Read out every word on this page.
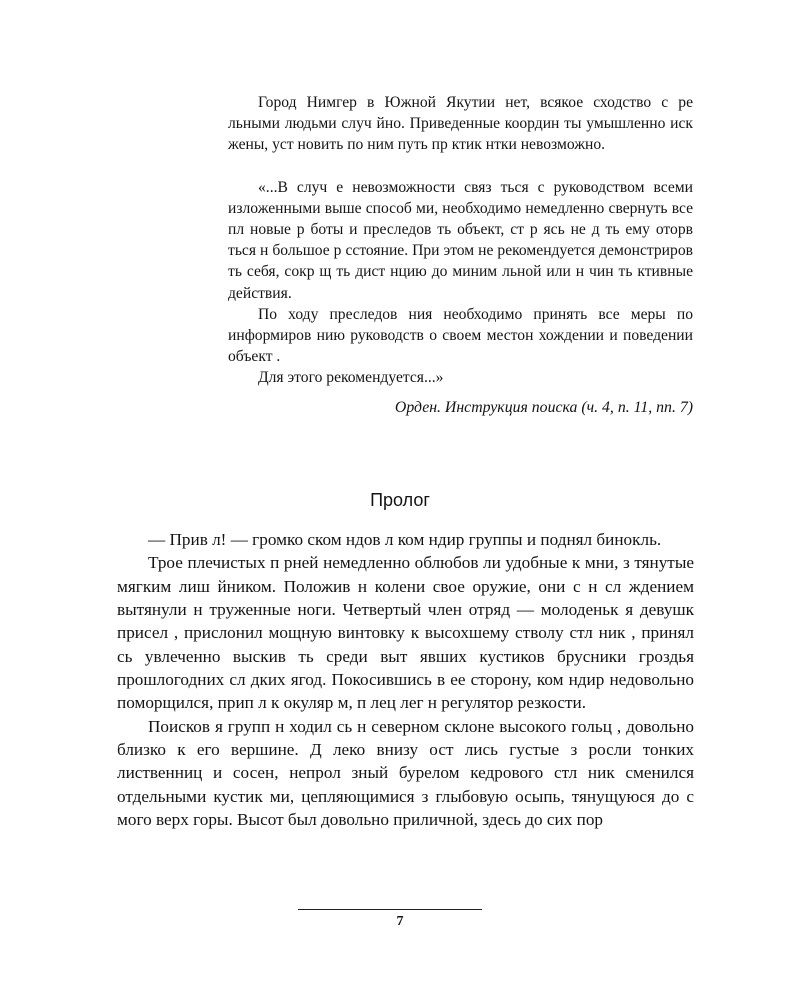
Город Нимгер в Южной Якутии нет, всякое сходство с ре льными людьми случ йно. Приведенные координ ты умышленно иск жены, уст новить по ним путь пр ктик нтки невозможно.

«...В случ е невозможности связ ться с руководством всеми изложенными выше способ ми, необходимо немедленно свернуть все пл новые р боты и преследов ть объект, ст р ясь не д ть ему оторв ться н большое р сстояние. При этом не рекомендуется демонстриров ть себя, сокр щ ть дист нцию до миним льной или н чин ть ктивные действия.

По ходу преследов ния необходимо принять все меры по информиров нию руководств о своем местон хождении и поведении объект .

Для этого рекомендуется...»

Орден. Инструкция поиска (ч. 4, п. 11, пп. 7)

Пролог

— Прив л! — громко ском ндов л ком ндир группы и поднял бинокль.

Трое плечистых п рней немедленно облюбов ли удобные к мни, з тянутые мягким лиш йником. Положив н колени свое оружие, они с н сл ждением вытянули н труженные ноги. Четвертый член отряд — молоденьк я девушк присел , прислонил мощную винтовку к высохшему стволу стл ник , принял сь увлеченно выскив ть среди выт явших кустиков брусники гроздья прошлогодних сл дких ягод. Покосившись в ее сторону, ком ндир недовольно поморщился, прип л к окуляр м, п лец лег н регулятор резкости.

Поисков я групп н ходил сь н северном склоне высокого гольц , довольно близко к его вершине. Д леко внизу ост лись густые з росли тонких лиственниц и сосен, непрол зный бурелом кедрового стл ник сменился отдельными кустик ми, цепляющимися з глыбовую осыпь, тянущуюся до с мого верх горы. Высот был довольно приличной, здесь до сих пор

7
